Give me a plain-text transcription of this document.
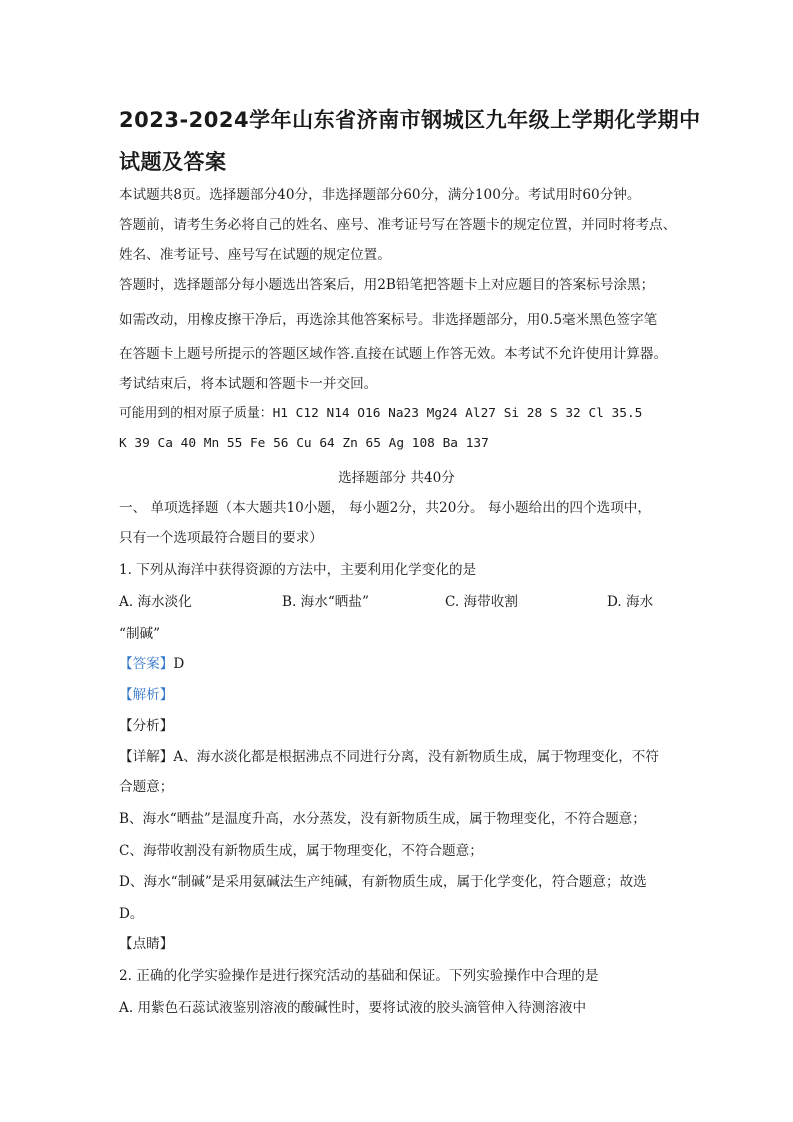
2023-2024学年山东省济南市钢城区九年级上学期化学期中
试题及答案
本试题共8页。选择题部分40分，非选择题部分60分，满分100分。考试用时60分钟。
答题前，请考生务必将自己的姓名、座号、准考证号写在答题卡的规定位置，并同时将考点、
姓名、准考证号、座号写在试题的规定位置。
答题时，选择题部分每小题选出答案后，用2B铅笔把答题卡上对应题目的答案标号涂黑；
如需改动，用橡皮擦干净后，再选涂其他答案标号。非选择题部分，用0.5毫米黑色签字笔
在答题卡上题号所提示的答题区域作答.直接在试题上作答无效。本考试不允许使用计算器。
考试结束后，将本试题和答题卡一并交回。
可能用到的相对原子质量：H1 C12 N14 O16 Na23 Mg24 Al27 Si 28 S 32 Cl 35.5
K 39 Ca 40 Mn 55 Fe 56 Cu 64 Zn 65 Ag 108 Ba 137
选择题部分 共40分
一、 单项选择题（本大题共10小题， 每小题2分，共20分。 每小题给出的四个选项中，
只有一个选项最符合题目的要求）
1. 下列从海洋中获得资源的方法中，主要利用化学变化的是
A. 海水淡化	B. 海水“晒盐”	C. 海带收割	D. 海水
“制碱”
【答案】D
【解析】
【分析】
【详解】A、海水淡化都是根据沸点不同进行分离，没有新物质生成，属于物理变化，不符
合题意；
B、海水“晒盐”是温度升高，水分蒸发，没有新物质生成，属于物理变化，不符合题意；
C、海带收割没有新物质生成，属于物理变化，不符合题意；
D、海水“制碱”是采用氨碱法生产纯碱，有新物质生成，属于化学变化，符合题意；故选
D。
【点睛】
2. 正确的化学实验操作是进行探究活动的基础和保证。下列实验操作中合理的是
A. 用紫色石蕊试液鉴别溶液的酸碱性时，要将试液的胶头滴管伸入待测溶液中
